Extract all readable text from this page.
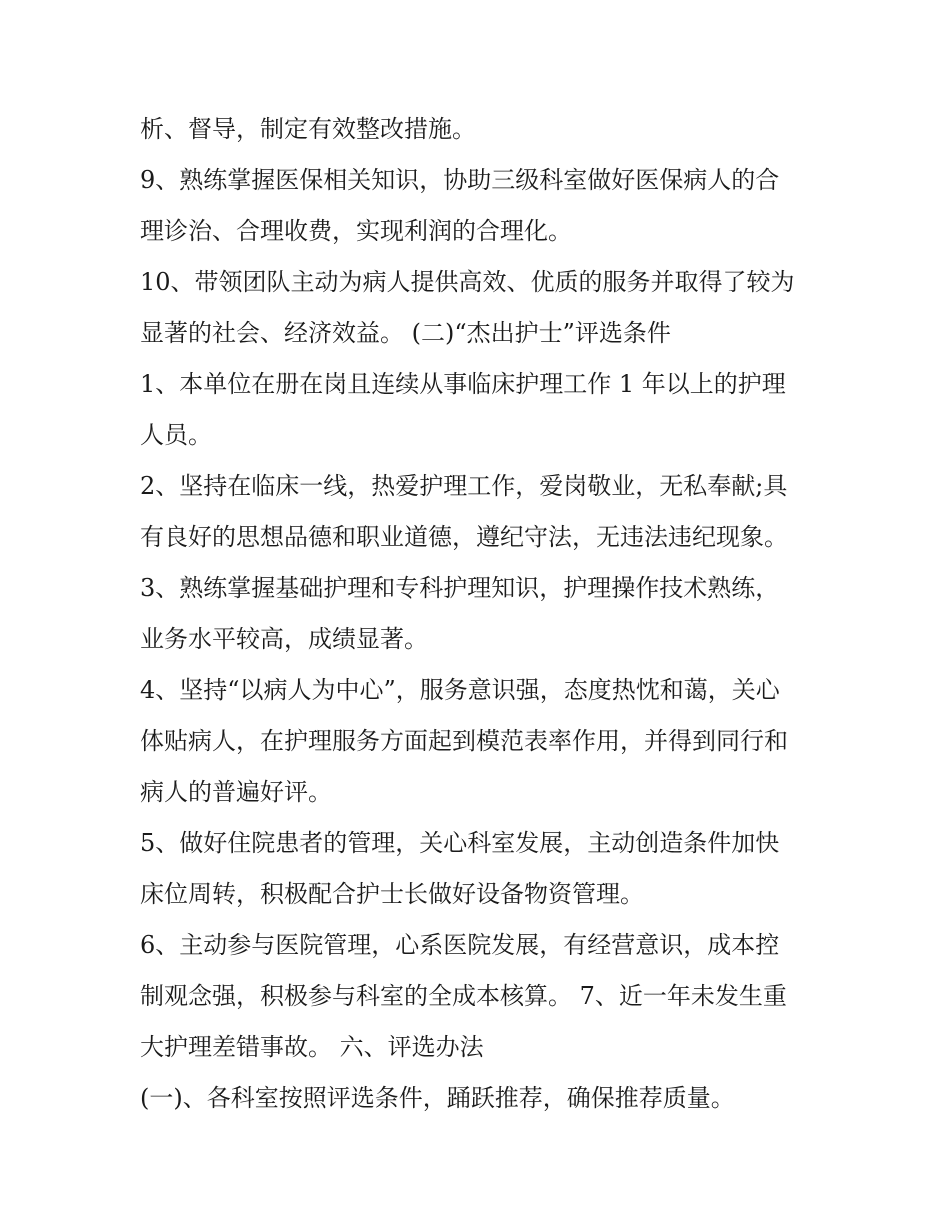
析、督导，制定有效整改措施。
9、熟练掌握医保相关知识，协助三级科室做好医保病人的合
理诊治、合理收费，实现利润的合理化。
10、带领团队主动为病人提供高效、优质的服务并取得了较为
显著的社会、经济效益。 (二)“杰出护士”评选条件
1、本单位在册在岗且连续从事临床护理工作 1 年以上的护理
人员。
2、坚持在临床一线，热爱护理工作，爱岗敬业，无私奉献;具
有良好的思想品德和职业道德，遵纪守法，无违法违纪现象。
3、熟练掌握基础护理和专科护理知识，护理操作技术熟练，
业务水平较高，成绩显著。
4、坚持“以病人为中心”，服务意识强，态度热忱和蔼，关心
体贴病人，在护理服务方面起到模范表率作用，并得到同行和
病人的普遍好评。
5、做好住院患者的管理，关心科室发展，主动创造条件加快
床位周转，积极配合护士长做好设备物资管理。
6、主动参与医院管理，心系医院发展，有经营意识，成本控
制观念强，积极参与科室的全成本核算。 7、近一年未发生重
大护理差错事故。 六、评选办法
(一)、各科室按照评选条件，踊跃推荐，确保推荐质量。
